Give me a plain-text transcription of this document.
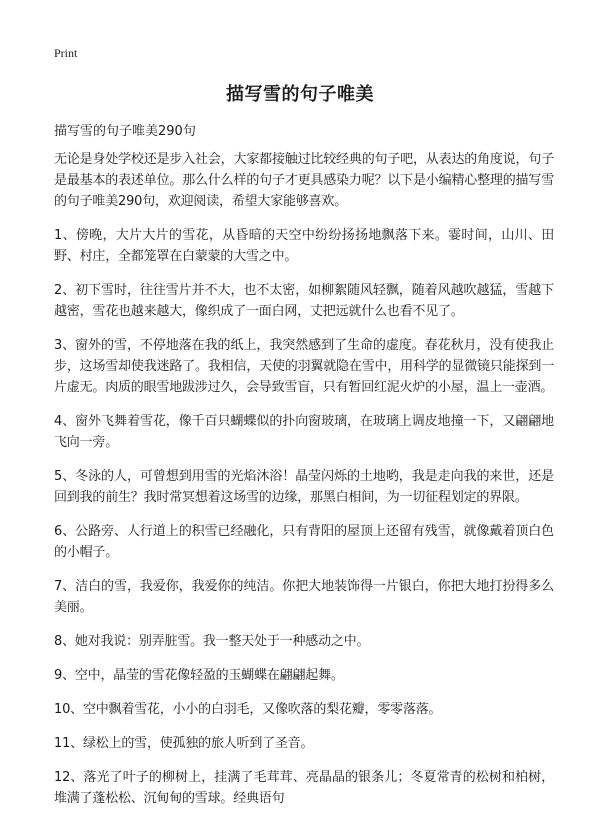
Print
描写雪的句子唯美

描写雪的句子唯美290句

无论是身处学校还是步入社会，大家都接触过比较经典的句子吧，从表达的角度说，句子是最基本的表述单位。那么什么样的句子才更具感染力呢？以下是小编精心整理的描写雪的句子唯美290句，欢迎阅读，希望大家能够喜欢。

1、傍晚，大片大片的雪花，从昏暗的天空中纷纷扬扬地飘落下来。霎时间，山川、田野、村庄，全都笼罩在白蒙蒙的大雪之中。

2、初下雪时，往往雪片并不大，也不太密，如柳絮随风轻飘，随着风越吹越猛，雪越下越密，雪花也越来越大，像织成了一面白网，丈把远就什么也看不见了。

3、窗外的雪，不停地落在我的纸上，我突然感到了生命的虚度。春花秋月，没有使我止步，这场雪却使我迷路了。我相信，天使的羽翼就隐在雪中，用科学的显微镜只能探到一片虚无。肉质的眼雪地跋涉过久，会导致雪盲，只有暂回红泥火炉的小屋，温上一壶酒。

4、窗外飞舞着雪花，像千百只蝴蝶似的扑向窗玻璃，在玻璃上调皮地撞一下，又翩翩地飞向一旁。

5、冬泳的人，可曾想到用雪的光焰沐浴！晶莹闪烁的土地哟，我是走向我的来世，还是回到我的前生？我时常冥想着这场雪的边缘，那黑白相间，为一切征程划定的界限。

6、公路旁、人行道上的积雪已经融化，只有背阳的屋顶上还留有残雪，就像戴着顶白色的小帽子。

7、洁白的雪，我爱你，我爱你的纯洁。你把大地装饰得一片银白，你把大地打扮得多么美丽。

8、她对我说：别弄脏雪。我一整天处于一种感动之中。

9、空中，晶莹的雪花像轻盈的玉蝴蝶在翩翩起舞。

10、空中飘着雪花，小小的白羽毛，又像吹落的梨花瓣，零零落落。

11、绿松上的雪，使孤独的旅人听到了圣音。

12、落光了叶子的柳树上，挂满了毛茸茸、亮晶晶的银条儿；冬夏常青的松树和柏树，堆满了蓬松松、沉甸甸的雪球。经典语句
